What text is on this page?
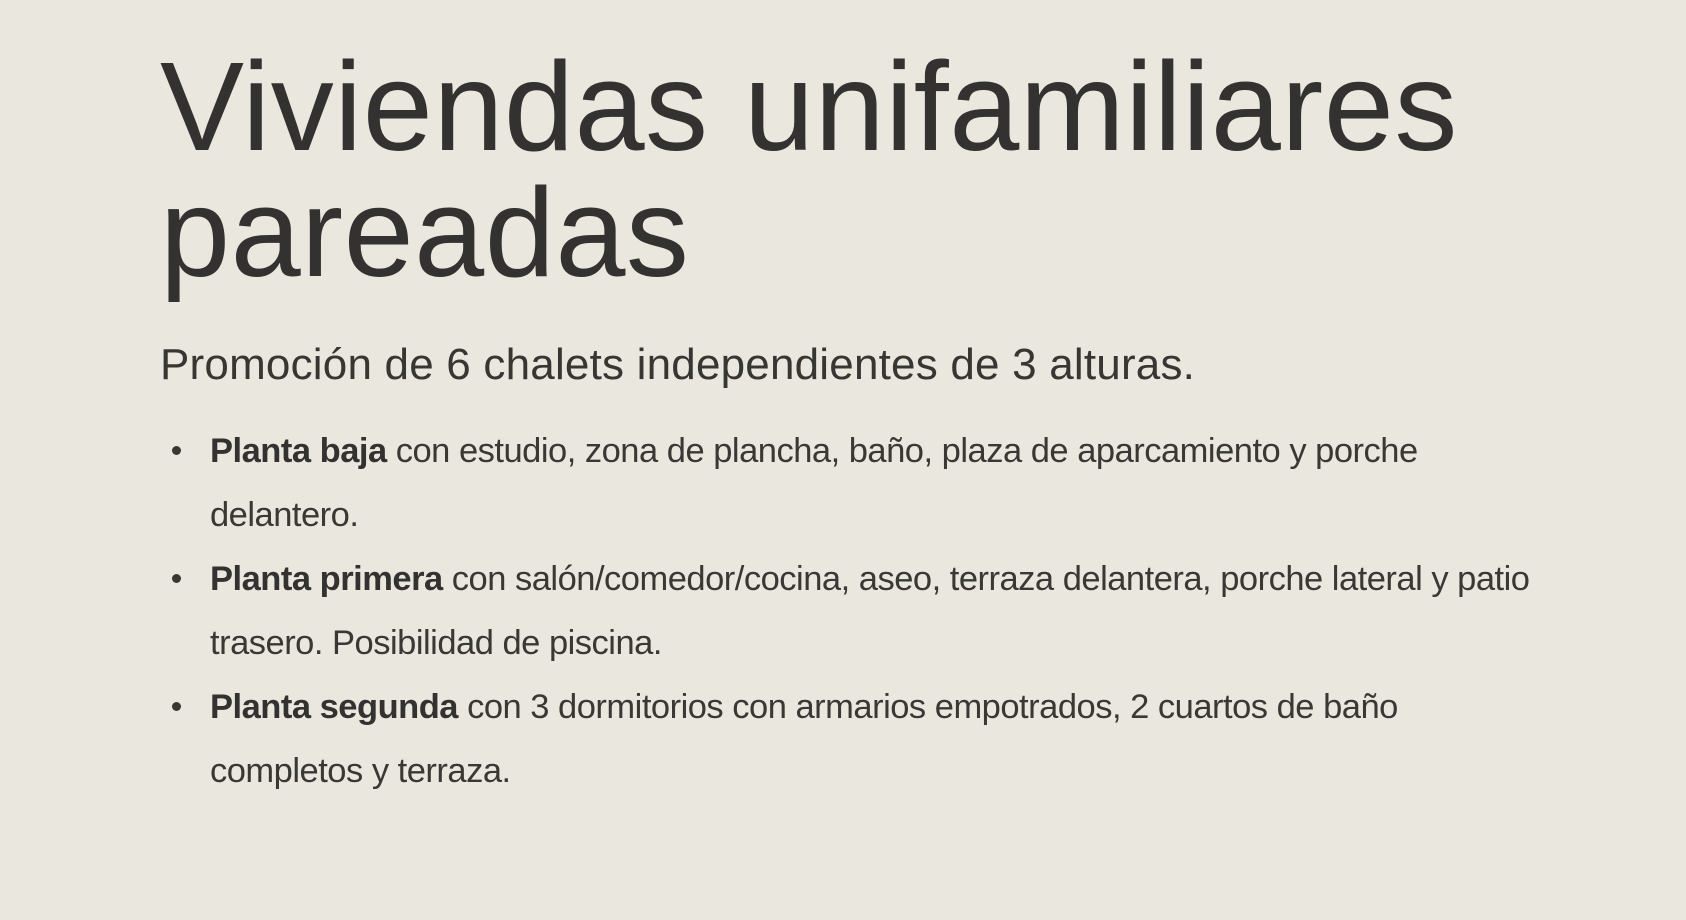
Viviendas unifamiliares pareadas

Promoción de 6 chalets independientes de 3 alturas.

Planta baja con estudio, zona de plancha, baño, plaza de aparcamiento y porche delantero.
Planta primera con salón/comedor/cocina, aseo, terraza delantera, porche lateral y patio trasero. Posibilidad de piscina.
Planta segunda con 3 dormitorios con armarios empotrados, 2 cuartos de baño completos y terraza.
